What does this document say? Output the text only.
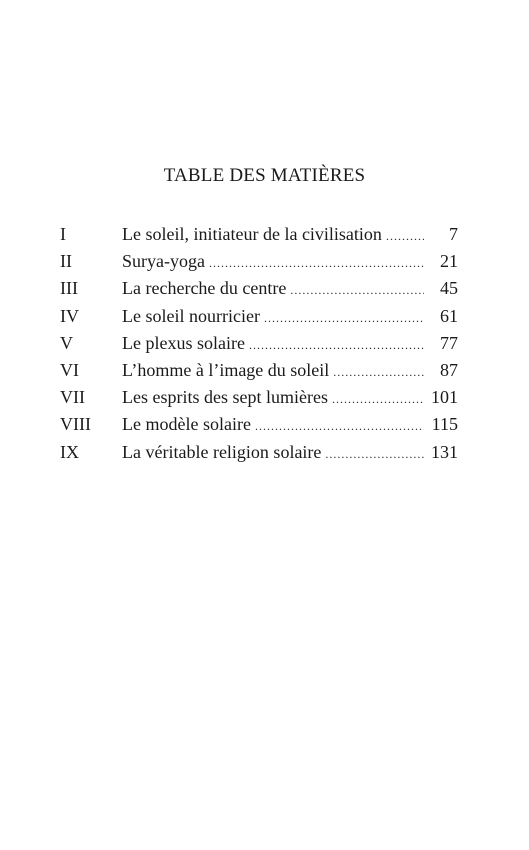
TABLE DES MATIÈRES
I	Le soleil, initiateur de la civilisation .....	7
II	Surya-yoga .....	21
III	La recherche du centre .....	45
IV	Le soleil nourricier .....	61
V	Le plexus solaire .....	77
VI	L’homme à l’image du soleil .....	87
VII	Les esprits des sept lumières .....	101
VIII	Le modèle solaire .....	115
IX	La véritable religion solaire .....	131
